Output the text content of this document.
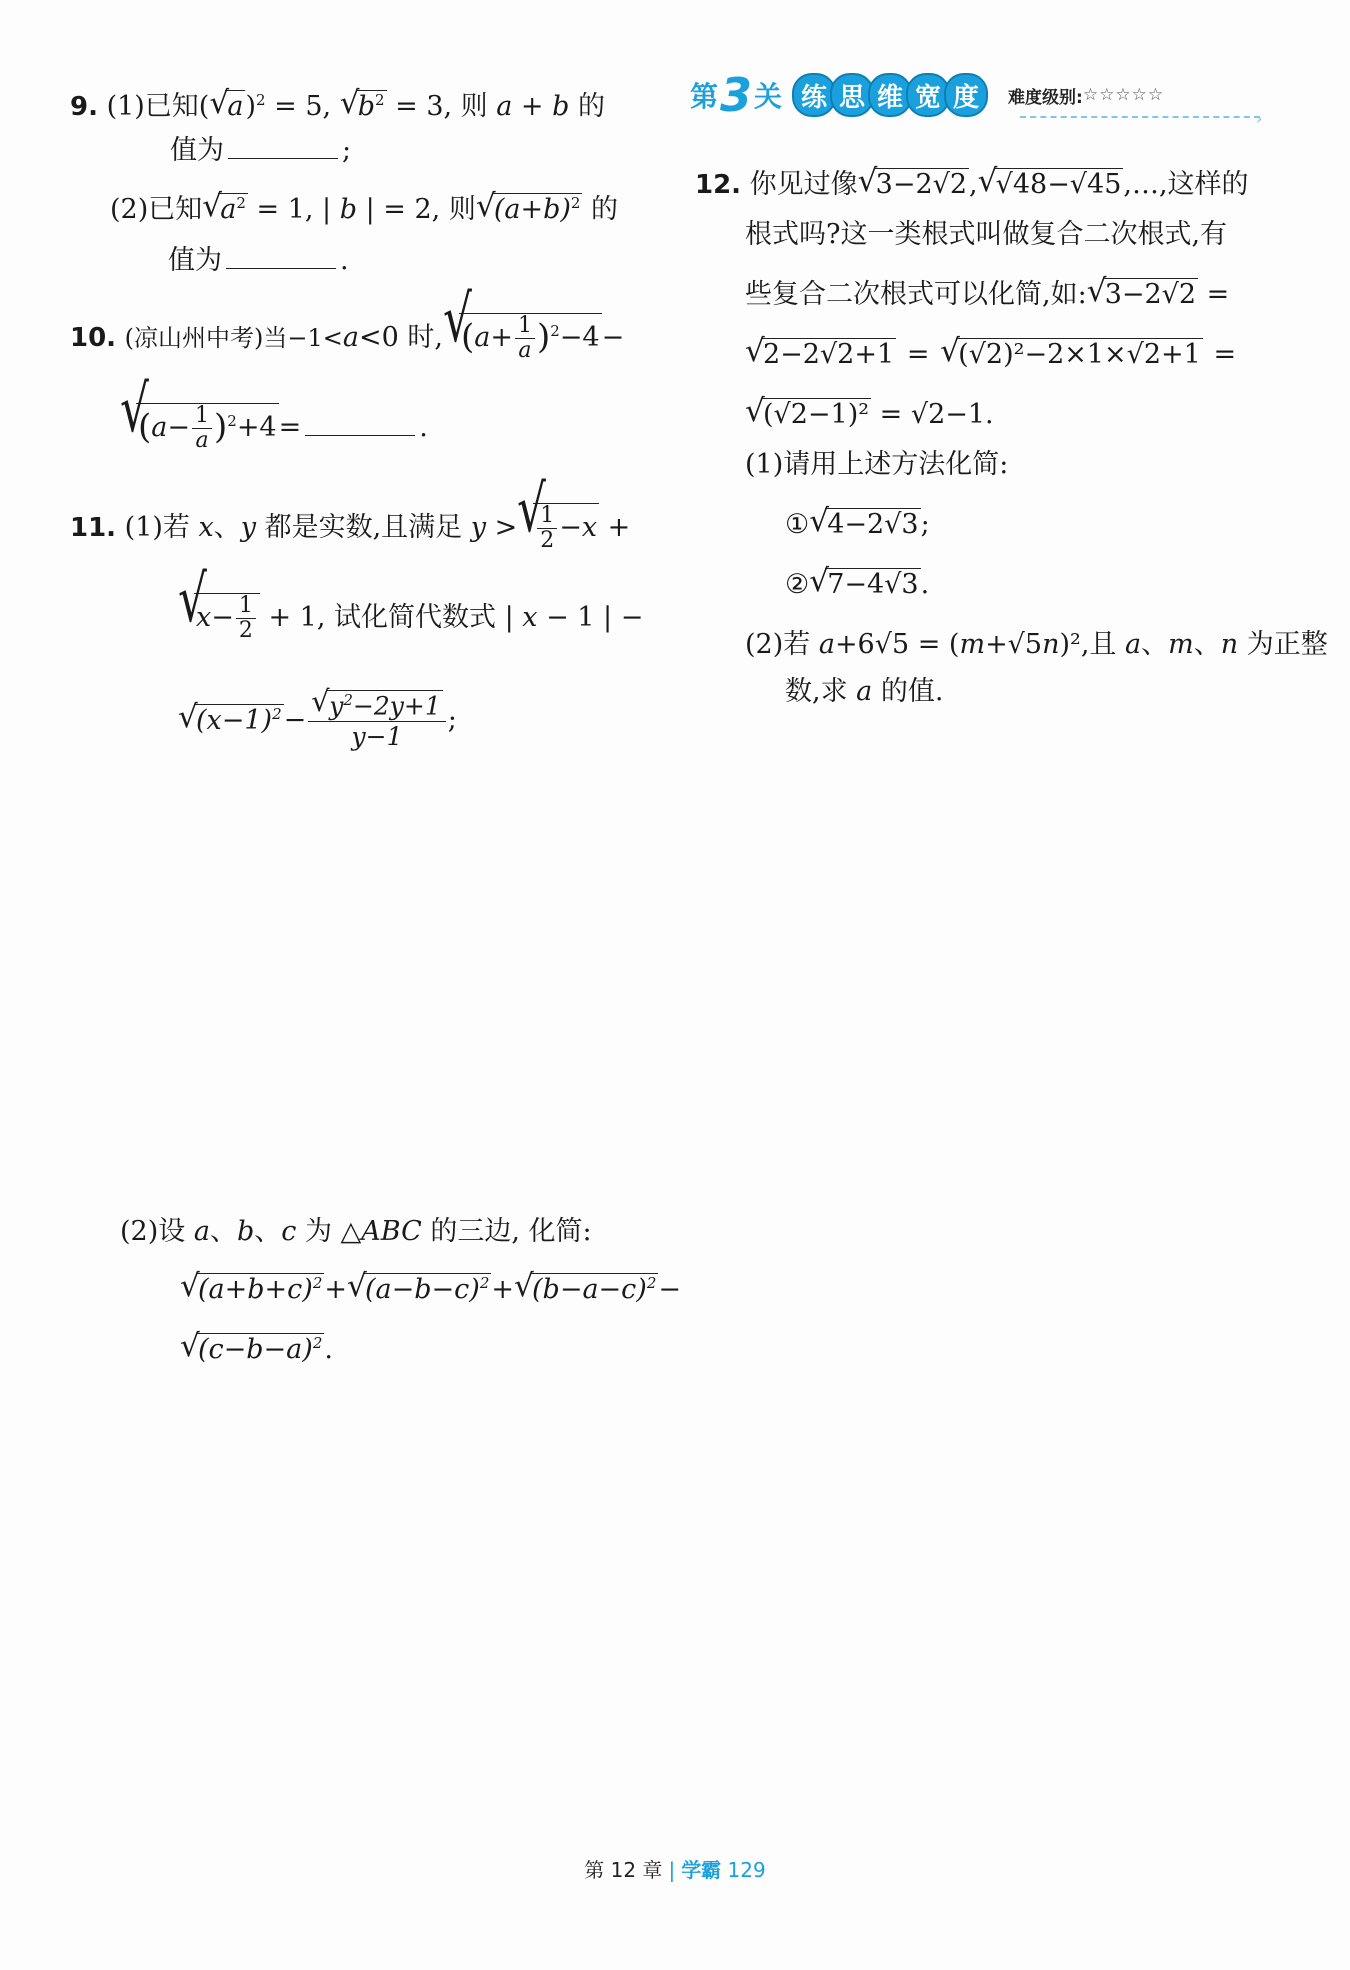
第 3 关 练 思 维 宽 度	难度级别: ☆☆☆☆☆
›
9. (1)已知(√ a)$^2$ = 5, √ $b^2 = 3$, 则 a + b 的
值为	;
(2)已知√ $a^2 = 1$, | b | = 2, 则√ $(a+b)^2$ 的
值为	.
10. (凉山州中考)当−1<a<0 时,√ $(a+ \frac{1}{a} )^2-4-$
√ $(a- \frac{1}{a} )^2+4=$	.
11. (1)若 x、y 都是实数,且满足 y >
√ $\frac{1}{2} -x$ +
√ $x- \frac{1}{2} + 1$, 试化简代数式 | x − 1 | −
√ $(x-1)^2-$
√ $\frac{y^2-2y+1}{y-1}$ ;
(2)设 a、b、c 为 △ABC 的三边, 化简:
√ $(a+b+c)^2+√$ $(a-b-c)^2+√$ $(b-a-c)^2-$
√ $(c-b-a)^2$.
12. 你见过像√ 3−2√2,√ √48−√45,…,这样的
根式吗?这一类根式叫做复合二次根式,有
些复合二次根式可以化简,如:√ 3−2√2 =
√ 2−2√2+1 =√ (√2)²−2×1×√2+1 =
√ (√2−1)² = √2−1.
(1)请用上述方法化简:
①√ 4−2√3;
②√ 7−4√3.
(2)若 a+6√5 = (m+√5n)²,且 a、m、n 为正整
数,求 a 的值.
第 12 章 | 学霸 129
